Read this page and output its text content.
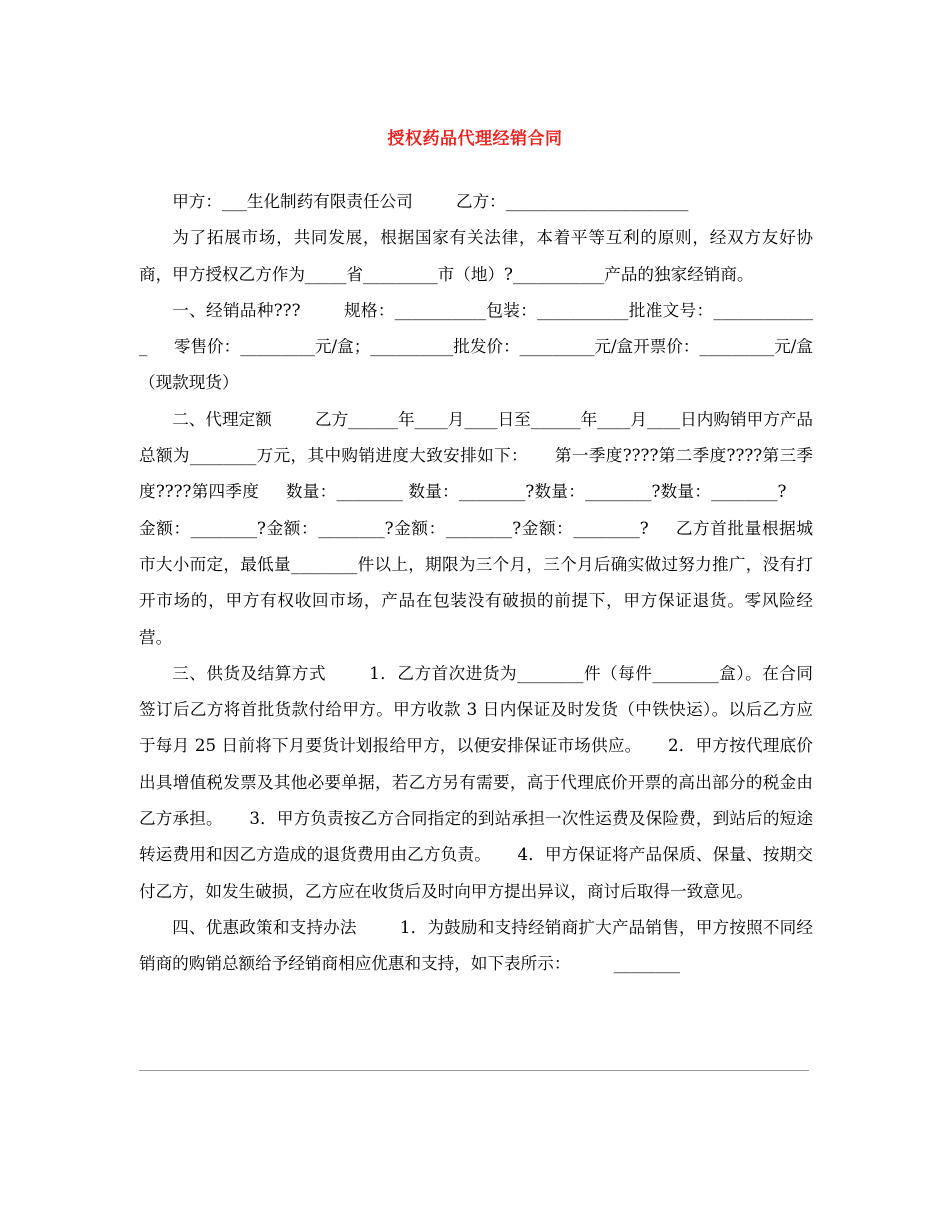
授权药品代理经销合同

甲方：___生化制药有限责任公司	乙方：______________________

为了拓展市场，共同发展，根据国家有关法律，本着平等互利的原则，经双方友好协商，甲方授权乙方作为_____省_________市（地）?___________产品的独家经销商。

一、经销品种???	规格：___________包装：___________批准文号：_____________ 零售价：_________元/盒；__________批发价：_________元/盒开票价：_________元/盒（现款现货）

二、代理定额	乙方______年____月____日至______年____月____日内购销甲方产品总额为________万元，其中购销进度大致安排如下： 第一季度????第二季度????第三季度????第四季度 数量：________ 数量：________?数量：________?数量：________?金额：________?金额：________?金额：________?金额：________? 乙方首批量根据城市大小而定，最低量________件以上，期限为三个月，三个月后确实做过努力推广，没有打开市场的，甲方有权收回市场，产品在包装没有破损的前提下，甲方保证退货。零风险经营。

三、供货及结算方式	1．乙方首次进货为________件（每件________盒）。在合同签订后乙方将首批货款付给甲方。甲方收款 3 日内保证及时发货（中铁快运）。以后乙方应于每月 25 日前将下月要货计划报给甲方，以便安排保证市场供应。 2．甲方按代理底价出具增值税发票及其他必要单据，若乙方另有需要，高于代理底价开票的高出部分的税金由乙方承担。 3．甲方负责按乙方合同指定的到站承担一次性运费及保险费，到站后的短途转运费用和因乙方造成的退货费用由乙方负责。 4．甲方保证将产品保质、保量、按期交付乙方，如发生破损，乙方应在收货后及时向甲方提出异议，商讨后取得一致意见。

四、优惠政策和支持办法	1．为鼓励和支持经销商扩大产品销售，甲方按照不同经销商的购销总额给予经销商相应优惠和支持，如下表所示：	________
